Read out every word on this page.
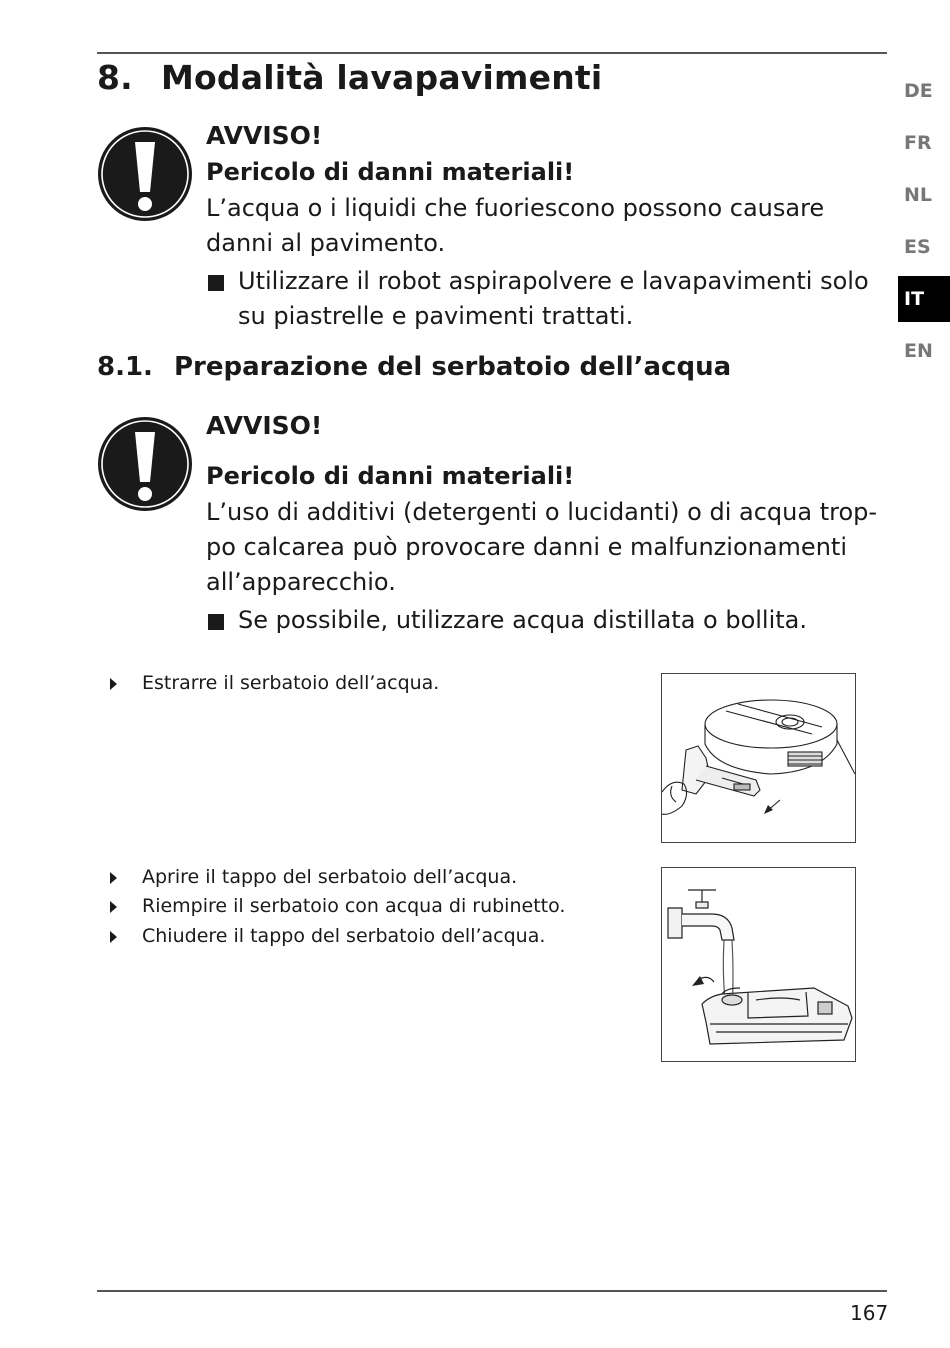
8. Modalità lavapavimenti
AVVISO!
Pericolo di danni materiali!
L’acqua o i liquidi che fuoriescono possono causare
danni al pavimento.
Utilizzare il robot aspirapolvere e lavapavimenti solo
su piastrelle e pavimenti trattati.
8.1. Preparazione del serbatoio dell’acqua
AVVISO!
Pericolo di danni materiali!
L’uso di additivi (detergenti o lucidanti) o di acqua trop-
po calcarea può provocare danni e malfunzionamenti
all’apparecchio.
Se possibile, utilizzare acqua distillata o bollita.
Estrarre il serbatoio dell’acqua.
Aprire il tappo del serbatoio dell’acqua.
Riempire il serbatoio con acqua di rubinetto.
Chiudere il tappo del serbatoio dell’acqua.
DE
FR
NL
ES
IT
EN
167
